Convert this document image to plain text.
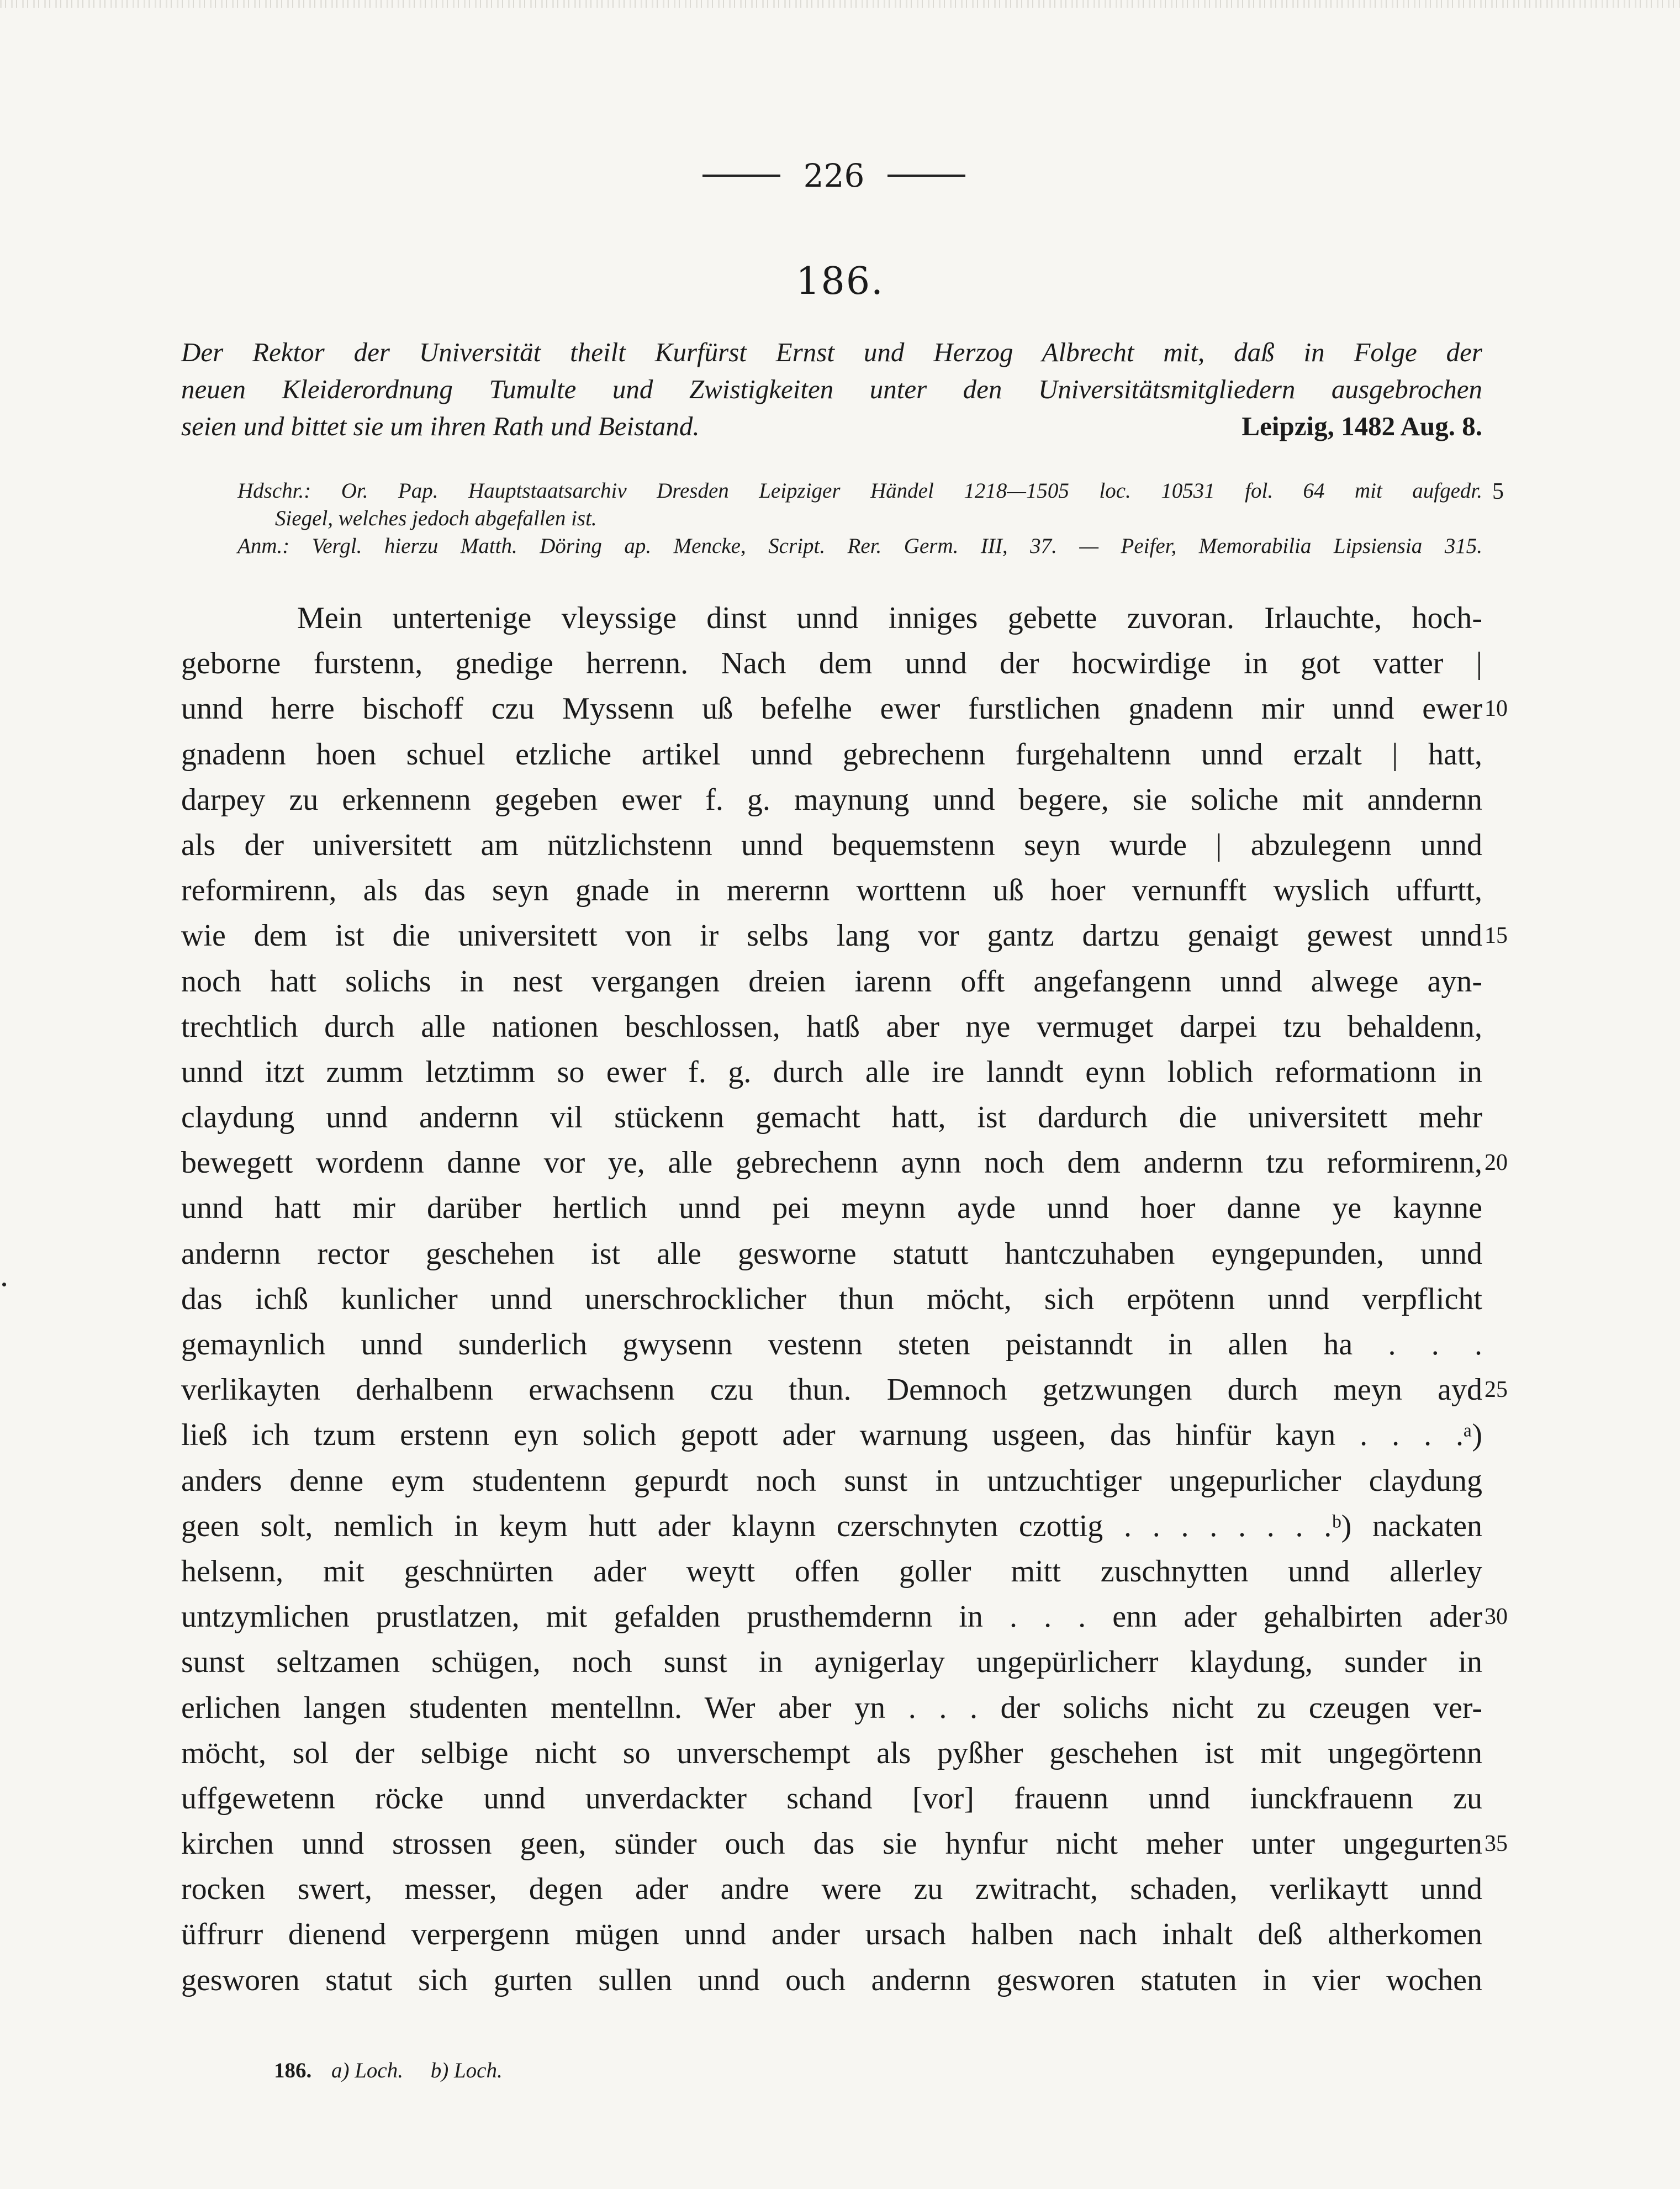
226
186.
Der Rektor der Universität theilt Kurfürst Ernst und Herzog Albrecht mit, daß in Folge der
neuen Kleiderordnung Tumulte und Zwistigkeiten unter den Universitätsmitgliedern ausgebrochen
seien und bittet sie um ihren Rath und Beistand.	Leipzig, 1482 Aug. 8.
Hdschr.: Or. Pap. Hauptstaatsarchiv Dresden Leipziger Händel 1218—1505 loc. 10531 fol. 64 mit aufgedr.
Siegel, welches jedoch abgefallen ist.
Anm.: Vergl. hierzu Matth. Döring ap. Mencke, Script. Rer. Germ. III, 37. — Peifer, Memorabilia Lipsiensia 315.
5
Mein untertenige vleyssige dinst unnd inniges gebette zuvoran. Irlauchte, hoch-
geborne furstenn, gnedige herrenn. Nach dem unnd der hocwirdige in got vatter |
unnd herre bischoff czu Myssenn uß befelhe ewer furstlichen gnadenn mir unnd ewer 10
gnadenn hoen schuel etzliche artikel unnd gebrechenn furgehaltenn unnd erzalt | hatt,
darpey zu erkennenn gegeben ewer f. g. maynung unnd begere, sie soliche mit anndernn
als der universitett am nützlichstenn unnd bequemstenn seyn wurde | abzulegenn unnd
reformirenn, als das seyn gnade in merernn worttenn uß hoer vernunfft wyslich uffurtt,
wie dem ist die universitett von ir selbs lang vor gantz dartzu genaigt gewest unnd 15
noch hatt solichs in nest vergangen dreien iarenn offt angefangenn unnd alwege ayn-
trechtlich durch alle nationen beschlossen, hatß aber nye vermuget darpei tzu behaldenn,
unnd itzt zumm letztimm so ewer f. g. durch alle ire lanndt eynn loblich reformationn in
claydung unnd andernn vil stückenn gemacht hatt, ist dardurch die universitett mehr
bewegett wordenn danne vor ye, alle gebrechenn aynn noch dem andernn tzu reformirenn, 20
unnd hatt mir darüber hertlich unnd pei meynn ayde unnd hoer danne ye kaynne
andernn rector geschehen ist alle gesworne statutt hantczuhaben eyngepunden, unnd
das ichß kunlicher unnd unerschrocklicher thun möcht, sich erpötenn unnd verpflicht
gemaynlich unnd sunderlich gwysenn vestenn steten peistanndt in allen ha . . .
verlikayten derhalbenn erwachsenn czu thun. Demnoch getzwungen durch meyn ayd 25
ließ ich tzum erstenn eyn solich gepott ader warnung usgeen, das hinfür kayn . . . .ᵃ)
anders denne eym studentenn gepurdt noch sunst in untzuchtiger ungepurlicher claydung
geen solt, nemlich in keym hutt ader klaynn czerschnyten czottig . . . . . . . .ᵇ) nackaten
helsenn, mit geschnürten ader weytt offen goller mitt zuschnytten unnd allerley
untzymlichen prustlatzen, mit gefalden prusthemdernn in . . . enn ader gehalbirten ader 30
sunst seltzamen schügen, noch sunst in aynigerlay ungepürlicherr klaydung, sunder in
erlichen langen studenten mentellnn. Wer aber yn . . . der solichs nicht zu czeugen ver-
möcht, sol der selbige nicht so unverschempt als pyßher geschehen ist mit ungegörtenn
uffgewetenn röcke unnd unverdackter schand [vor] frauenn unnd iunckfrauenn zu
kirchen unnd strossen geen, sünder ouch das sie hynfur nicht meher unter ungegurten 35
rocken swert, messer, degen ader andre were zu zwitracht, schaden, verlikaytt unnd
üffrurr dienend verpergenn mügen unnd ander ursach halben nach inhalt deß altherkomen
gesworen statut sich gurten sullen unnd ouch andernn gesworen statuten in vier wochen
186. a) Loch. b) Loch.
